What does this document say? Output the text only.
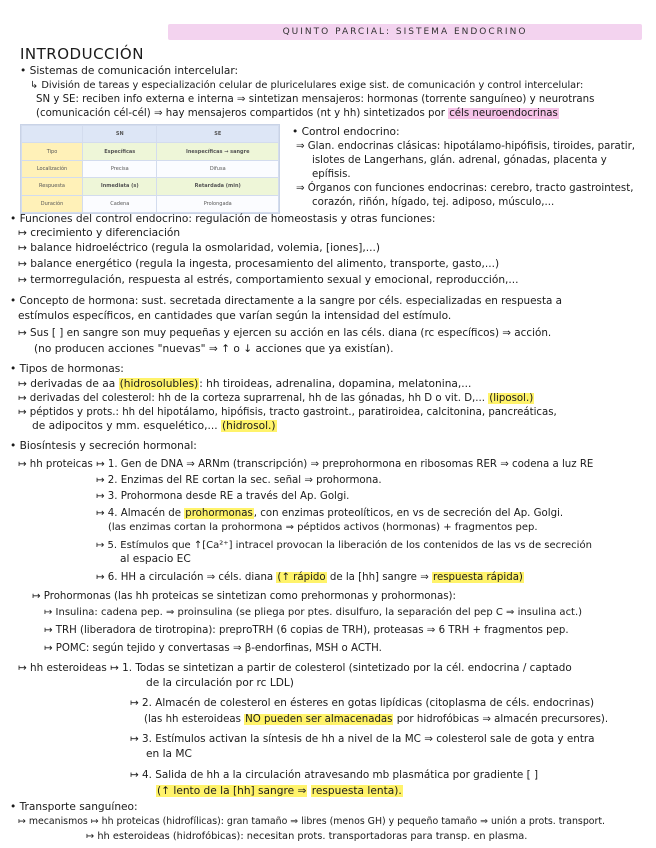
QUINTO PARCIAL: SISTEMA ENDOCRINO
INTRODUCCIÓN
• Sistemas de comunicación intercelular:
↳ División de tareas y especialización celular de pluricelulares exige sist. de comunicación y control intercelular:
SN y SE: reciben info externa e interna ⇒ sintetizan mensajeros: hormonas (torrente sanguíneo) y neurotrans
(comunicación cél-cél) ⇒ hay mensajeros compartidos (nt y hh) sintetizados por céls neuroendocrinas
	SN	SE
Tipo	Específicas	Inespecíficas → sangre
Localización	Precisa	Difusa
Respuesta	Inmediata (s)	Retardada (min)
Duración	Cadena	Prolongada
• Control endocrino:
⇒ Glan. endocrinas clásicas: hipotálamo-hipófisis, tiroides, paratir,
islotes de Langerhans, glán. adrenal, gónadas, placenta y
epífisis.
⇒ Órganos con funciones endocrinas: cerebro, tracto gastrointest,
corazón, riñón, hígado, tej. adiposo, músculo,...
• Funciones del control endocrino: regulación de homeostasis y otras funciones:
↦ crecimiento y diferenciación
↦ balance hidroeléctrico (regula la osmolaridad, volemia, [iones],...)
↦ balance energético (regula la ingesta, procesamiento del alimento, transporte, gasto,...)
↦ termorregulación, respuesta al estrés, comportamiento sexual y emocional, reproducción,...
• Concepto de hormona: sust. secretada directamente a la sangre por céls. especializadas en respuesta a
estímulos específicos, en cantidades que varían según la intensidad del estímulo.
↦ Sus [ ] en sangre son muy pequeñas y ejercen su acción en las céls. diana (rc específicos) ⇒ acción.
(no producen acciones "nuevas" ⇒ ↑ o ↓ acciones que ya existían).
• Tipos de hormonas:
↦ derivadas de aa (hidrosolubles): hh tiroideas, adrenalina, dopamina, melatonina,...
↦ derivadas del colesterol: hh de la corteza suprarrenal, hh de las gónadas, hh D o vit. D,... (liposol.)
↦ péptidos y prots.: hh del hipotálamo, hipófisis, tracto gastroint., paratiroidea, calcitonina, pancreáticas,
de adipocitos y mm. esquelético,... (hidrosol.)
• Biosíntesis y secreción hormonal:
↦ hh proteicas ↦ 1. Gen de DNA ⇒ ARNm (transcripción) ⇒ preprohormona en ribosomas RER ⇒ codena a luz RE
↦ 2. Enzimas del RE cortan la sec. señal ⇒ prohormona.
↦ 3. Prohormona desde RE a través del Ap. Golgi.
↦ 4. Almacén de prohormonas, con enzimas proteolíticos, en vs de secreción del Ap. Golgi.
(las enzimas cortan la prohormona ⇒ péptidos activos (hormonas) + fragmentos pep.
↦ 5. Estímulos que ↑[Ca²⁺] intracel provocan la liberación de los contenidos de las vs de secreción
al espacio EC
↦ 6. HH a circulación ⇒ céls. diana (↑ rápido de la [hh] sangre ⇒ respuesta rápida)
↦ Prohormonas (las hh proteicas se sintetizan como prehormonas y prohormonas):
↦ Insulina: cadena pep. ⇒ proinsulina (se pliega por ptes. disulfuro, la separación del pep C ⇒ insulina act.)
↦ TRH (liberadora de tirotropina): preproTRH (6 copias de TRH), proteasas ⇒ 6 TRH + fragmentos pep.
↦ POMC: según tejido y convertasas ⇒ β-endorfinas, MSH o ACTH.
↦ hh esteroideas ↦ 1. Todas se sintetizan a partir de colesterol (sintetizado por la cél. endocrina / captado
de la circulación por rc LDL)
↦ 2. Almacén de colesterol en ésteres en gotas lipídicas (citoplasma de céls. endocrinas)
(las hh esteroideas NO pueden ser almacenadas por hidrofóbicas ⇒ almacén precursores).
↦ 3. Estímulos activan la síntesis de hh a nivel de la MC ⇒ colesterol sale de gota y entra
en la MC
↦ 4. Salida de hh a la circulación atravesando mb plasmática por gradiente [ ]
(↑ lento de la [hh] sangre ⇒ respuesta lenta).
• Transporte sanguíneo:
↦ mecanismos ↦ hh proteicas (hidrofílicas): gran tamaño ⇒ libres (menos GH) y pequeño tamaño ⇒ unión a prots. transport.
↦ hh esteroideas (hidrofóbicas): necesitan prots. transportadoras para transp. en plasma.
